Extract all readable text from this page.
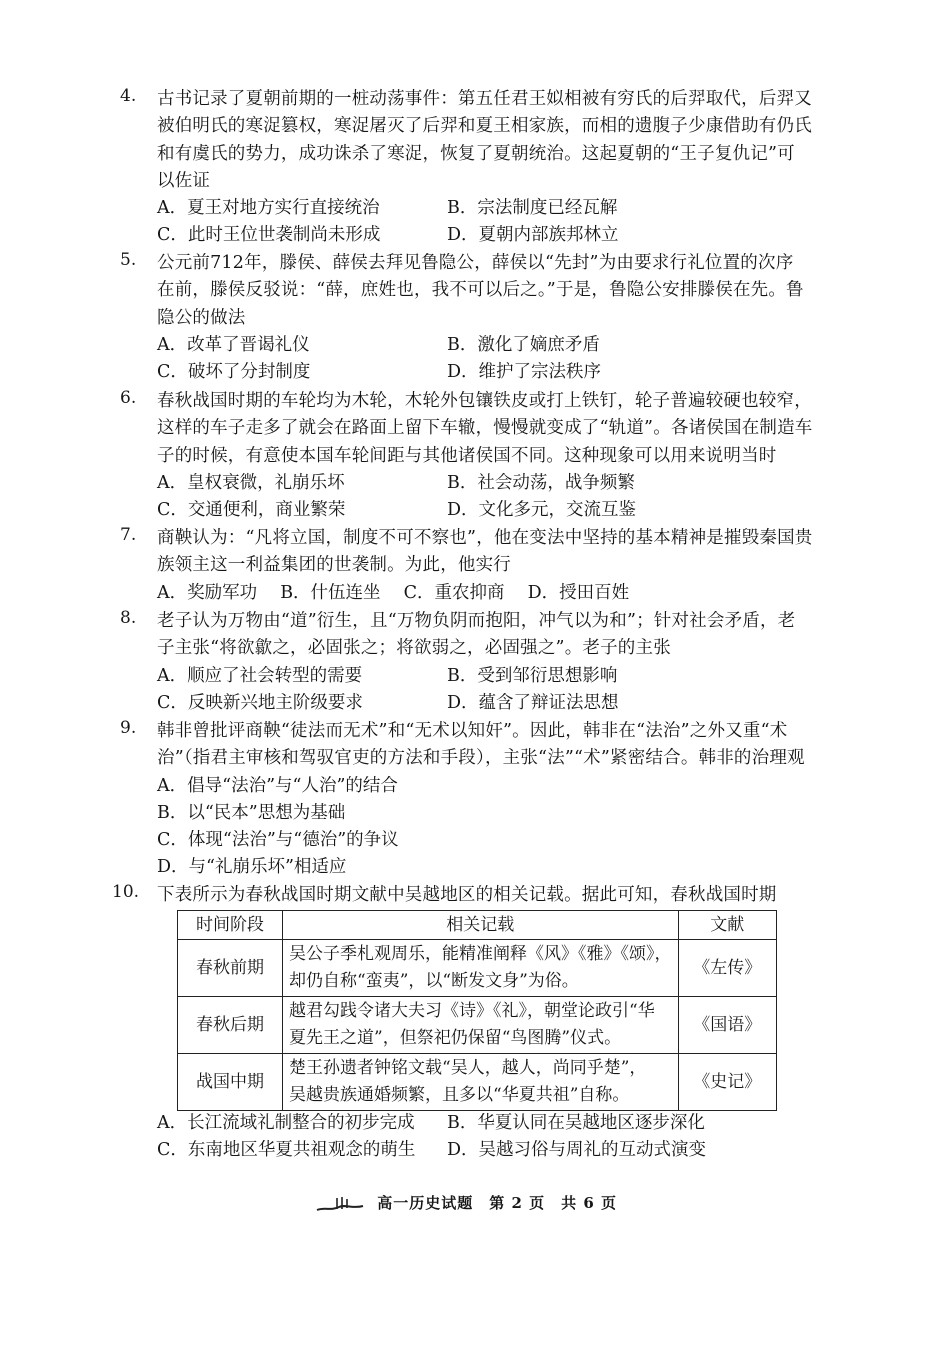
4. 古书记录了夏朝前期的一桩动荡事件：第五任君王姒相被有穷氏的后羿取代，后羿又
被伯明氏的寒浞篡权，寒浞屠灭了后羿和夏王相家族，而相的遗腹子少康借助有仍氏
和有虞氏的势力，成功诛杀了寒浞，恢复了夏朝统治。这起夏朝的“王子复仇记”可
以佐证
A．夏王对地方实行直接统治	B．宗法制度已经瓦解
C．此时王位世袭制尚未形成	D．夏朝内部族邦林立
5. 公元前712年，滕侯、薛侯去拜见鲁隐公，薛侯以“先封”为由要求行礼位置的次序
在前，滕侯反驳说：“薛，庶姓也，我不可以后之。”于是，鲁隐公安排滕侯在先。鲁
隐公的做法
A．改革了晋谒礼仪	B．激化了嫡庶矛盾
C．破坏了分封制度	D．维护了宗法秩序
6. 春秋战国时期的车轮均为木轮，木轮外包镶铁皮或打上铁钉，轮子普遍较硬也较窄，
这样的车子走多了就会在路面上留下车辙，慢慢就变成了“轨道”。各诸侯国在制造车
子的时候，有意使本国车轮间距与其他诸侯国不同。这种现象可以用来说明当时
A．皇权衰微，礼崩乐坏	B．社会动荡，战争频繁
C．交通便利，商业繁荣	D．文化多元，交流互鉴
7. 商鞅认为：“凡将立国，制度不可不察也”，他在变法中坚持的基本精神是摧毁秦国贵
族领主这一利益集团的世袭制。为此，他实行
A．奖励军功　 B．什伍连坐　 C．重农抑商　 D．授田百姓
8. 老子认为万物由“道”衍生，且“万物负阴而抱阳，冲气以为和”；针对社会矛盾，老
子主张“将欲歙之，必固张之；将欲弱之，必固强之”。老子的主张
A．顺应了社会转型的需要	B．受到邹衍思想影响
C．反映新兴地主阶级要求	D．蕴含了辩证法思想
9. 韩非曾批评商鞅“徒法而无术”和“无术以知奸”。因此，韩非在“法治”之外又重“术
治”（指君主审核和驾驭官吏的方法和手段），主张“法”“术”紧密结合。韩非的治理观
A．倡导“法治”与“人治”的结合
B．以“民本”思想为基础
C．体现“法治”与“德治”的争议
D．与“礼崩乐坏”相适应
10. 下表所示为春秋战国时期文献中吴越地区的相关记载。据此可知，春秋战国时期
时间阶段	相关记载	文献
春秋前期	吴公子季札观周乐，能精准阐释《风》《雅》《颂》，
却仍自称“蛮夷”，以“断发文身”为俗。	《左传》
春秋后期	越君勾践令诸大夫习《诗》《礼》，朝堂论政引“华
夏先王之道”，但祭祀仍保留“鸟图腾”仪式。	《国语》
战国中期	楚王孙遗者钟铭文载“吴人，越人，尚同乎楚”，
吴越贵族通婚频繁，且多以“华夏共祖”自称。	《史记》
A．长江流域礼制整合的初步完成 B．华夏认同在吴越地区逐步深化
C．东南地区华夏共祖观念的萌生 D．吴越习俗与周礼的互动式演变
高一历史试题　第 2 页　共 6 页
